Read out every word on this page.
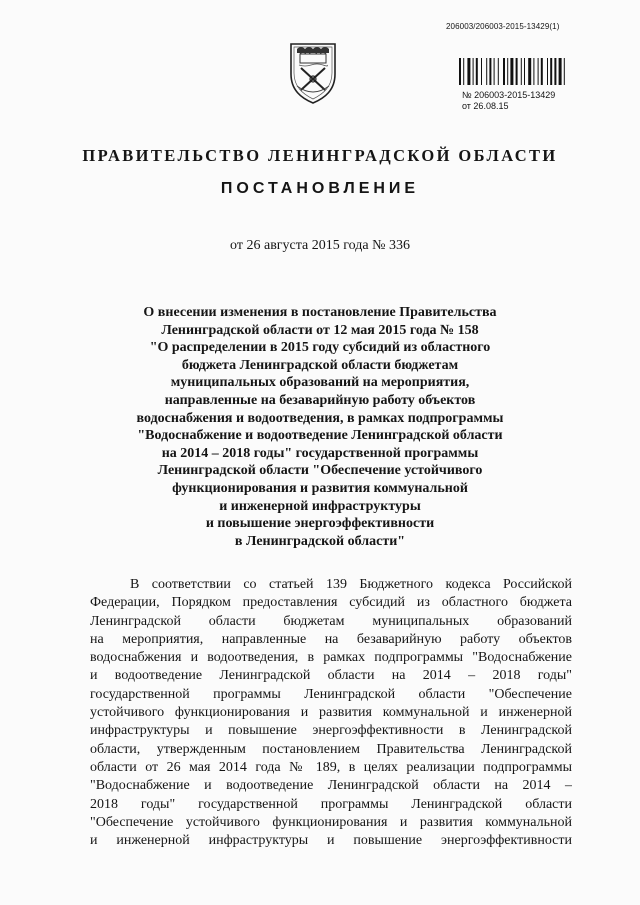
206003/206003-2015-13429(1)
№ 206003-2015-13429
от 26.08.15
ПРАВИТЕЛЬСТВО ЛЕНИНГРАДСКОЙ ОБЛАСТИ
ПОСТАНОВЛЕНИЕ
от 26 августа 2015 года № 336
О внесении изменения в постановление Правительства
Ленинградской области от 12 мая 2015 года № 158
"О распределении в 2015 году субсидий из областного
бюджета Ленинградской области бюджетам
муниципальных образований на мероприятия,
направленные на безаварийную работу объектов
водоснабжения и водоотведения, в рамках подпрограммы
"Водоснабжение и водоотведение Ленинградской области
на 2014 – 2018 годы" государственной программы
Ленинградской области "Обеспечение устойчивого
функционирования и развития коммунальной
и инженерной инфраструктуры
и повышение энергоэффективности
в Ленинградской области"
В соответствии со статьей 139 Бюджетного кодекса Российской
Федерации, Порядком предоставления субсидий из областного бюджета
Ленинградской области бюджетам муниципальных образований
на мероприятия, направленные на безаварийную работу объектов
водоснабжения и водоотведения, в рамках подпрограммы "Водоснабжение
и водоотведение Ленинградской области на 2014 – 2018 годы"
государственной программы Ленинградской области "Обеспечение
устойчивого функционирования и развития коммунальной и инженерной
инфраструктуры и повышение энергоэффективности в Ленинградской
области, утвержденным постановлением Правительства Ленинградской
области от 26 мая 2014 года № 189, в целях реализации подпрограммы
"Водоснабжение и водоотведение Ленинградской области на 2014 –
2018 годы" государственной программы Ленинградской области
"Обеспечение устойчивого функционирования и развития коммунальной
и инженерной инфраструктуры и повышение энергоэффективности
